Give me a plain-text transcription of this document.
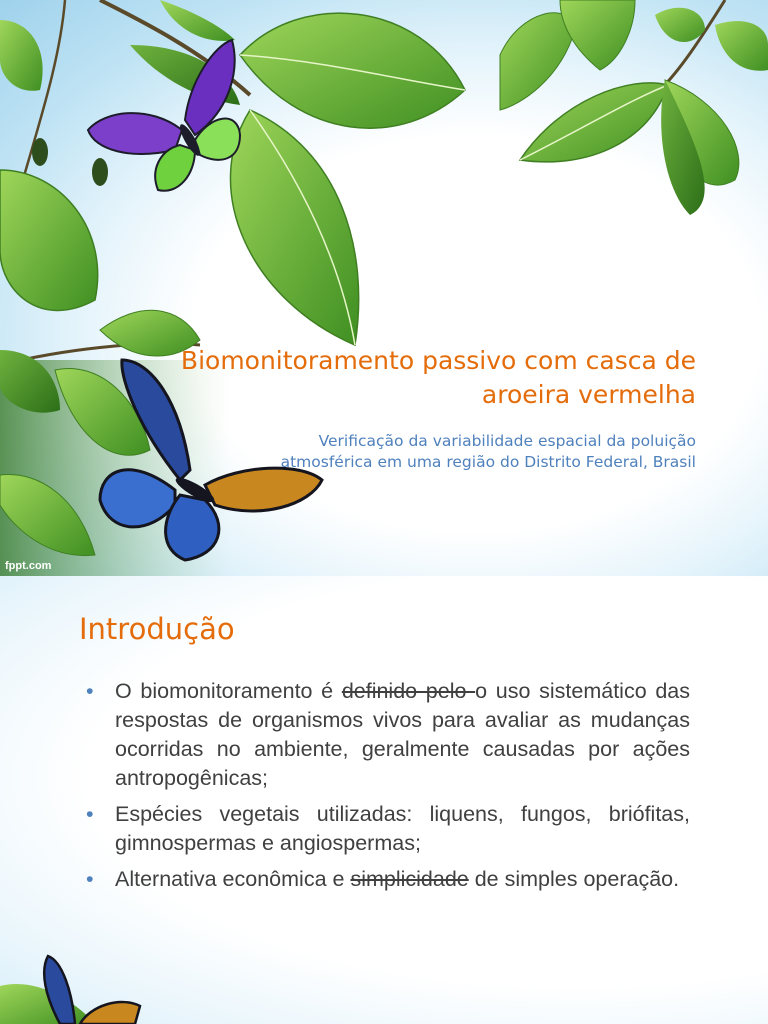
Biomonitoramento passivo com casca de aroeira vermelha

Verificação da variabilidade espacial da poluição atmosférica em uma região do Distrito Federal, Brasil

fppt.com
Introdução
• O biomonitoramento é definido pelo o uso sistemático das respostas de organismos vivos para avaliar as mudanças ocorridas no ambiente, geralmente causadas por ações antropogênicas;
• Espécies vegetais utilizadas: liquens, fungos, briófitas, gimnospermas e angiospermas;
• Alternativa econômica e simplicidade de simples operação.
